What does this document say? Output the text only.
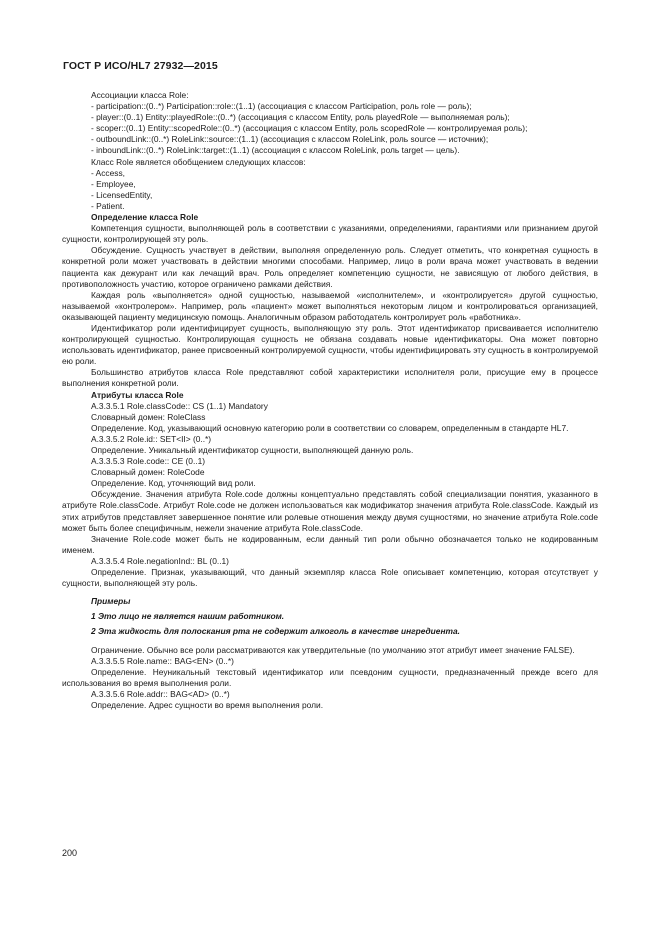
ГОСТ Р ИСО/HL7 27932—2015

Ассоциации класса Role:

- participation::(0..*) Participation::role::(1..1) (ассоциация с классом Participation, роль role — роль);

- player::(0..1) Entity::playedRole::(0..*) (ассоциация с классом Entity, роль playedRole — выполняемая роль);

- scoper::(0..1) Entity::scopedRole::(0..*) (ассоциация с классом Entity, роль scopedRole — контролируемая роль);

- outboundLink::(0..*) RoleLink::source::(1..1) (ассоциация с классом RoleLink, роль source — источник);

- inboundLink::(0..*) RoleLink::target::(1..1) (ассоциация с классом RoleLink, роль target — цель).

Класс Role является обобщением следующих классов:

- Access,

- Employee,

- LicensedEntity,

- Patient.

Определение класса Role

Компетенция сущности, выполняющей роль в соответствии с указаниями, определениями, гарантиями или признанием другой сущности, контролирующей эту роль.

Обсуждение. Сущность участвует в действии, выполняя определенную роль. Следует отметить, что конкретная сущность в конкретной роли может участвовать в действии многими способами. Например, лицо в роли врача может участвовать в ведении пациента как дежурант или как лечащий врач. Роль определяет компетенцию сущности, не зависящую от любого действия, в противоположность участию, которое ограничено рамками действия.

Каждая роль «выполняется» одной сущностью, называемой «исполнителем», и «контролируется» другой сущностью, называемой «контролером». Например, роль «пациент» может выполняться некоторым лицом и контролироваться организацией, оказывающей пациенту медицинскую помощь. Аналогичным образом работодатель контролирует роль «работника».

Идентификатор роли идентифицирует сущность, выполняющую эту роль. Этот идентификатор присваивается исполнителю контролирующей сущностью. Контролирующая сущность не обязана создавать новые идентификаторы. Она может повторно использовать идентификатор, ранее присвоенный контролируемой сущности, чтобы идентифицировать эту сущность в контролируемой ею роли.

Большинство атрибутов класса Role представляют собой характеристики исполнителя роли, присущие ему в процессе выполнения конкретной роли.

Атрибуты класса Role

A.3.3.5.1 Role.classCode:: CS (1..1) Mandatory

Словарный домен: RoleClass

Определение. Код, указывающий основную категорию роли в соответствии со словарем, определенным в стандарте HL7.

A.3.3.5.2 Role.id:: SET<II> (0..*)

Определение. Уникальный идентификатор сущности, выполняющей данную роль.

A.3.3.5.3 Role.code:: CE (0..1)

Словарный домен: RoleCode

Определение. Код, уточняющий вид роли.

Обсуждение. Значения атрибута Role.code должны концептуально представлять собой специализации понятия, указанного в атрибуте Role.classCode. Атрибут Role.code не должен использоваться как модификатор значения атрибута Role.classCode. Каждый из этих атрибутов представляет завершенное понятие или ролевые отношения между двумя сущностями, но значение атрибута Role.code может быть более специфичным, нежели значение атрибута Role.classCode.

Значение Role.code может быть не кодированным, если данный тип роли обычно обозначается только не кодированным именем.

A.3.3.5.4 Role.negationInd:: BL (0..1)

Определение. Признак, указывающий, что данный экземпляр класса Role описывает компетенцию, которая отсутствует у сущности, выполняющей эту роль.

Примеры

1 Это лицо не является нашим работником.

2 Эта жидкость для полоскания рта не содержит алкоголь в качестве ингредиента.

Ограничение. Обычно все роли рассматриваются как утвердительные (по умолчанию этот атрибут имеет значение FALSE).

A.3.3.5.5 Role.name:: BAG<EN> (0..*)

Определение. Неуникальный текстовый идентификатор или псевдоним сущности, предназначенный прежде всего для использования во время выполнения роли.

A.3.3.5.6 Role.addr:: BAG<AD> (0..*)

Определение. Адрес сущности во время выполнения роли.

200
